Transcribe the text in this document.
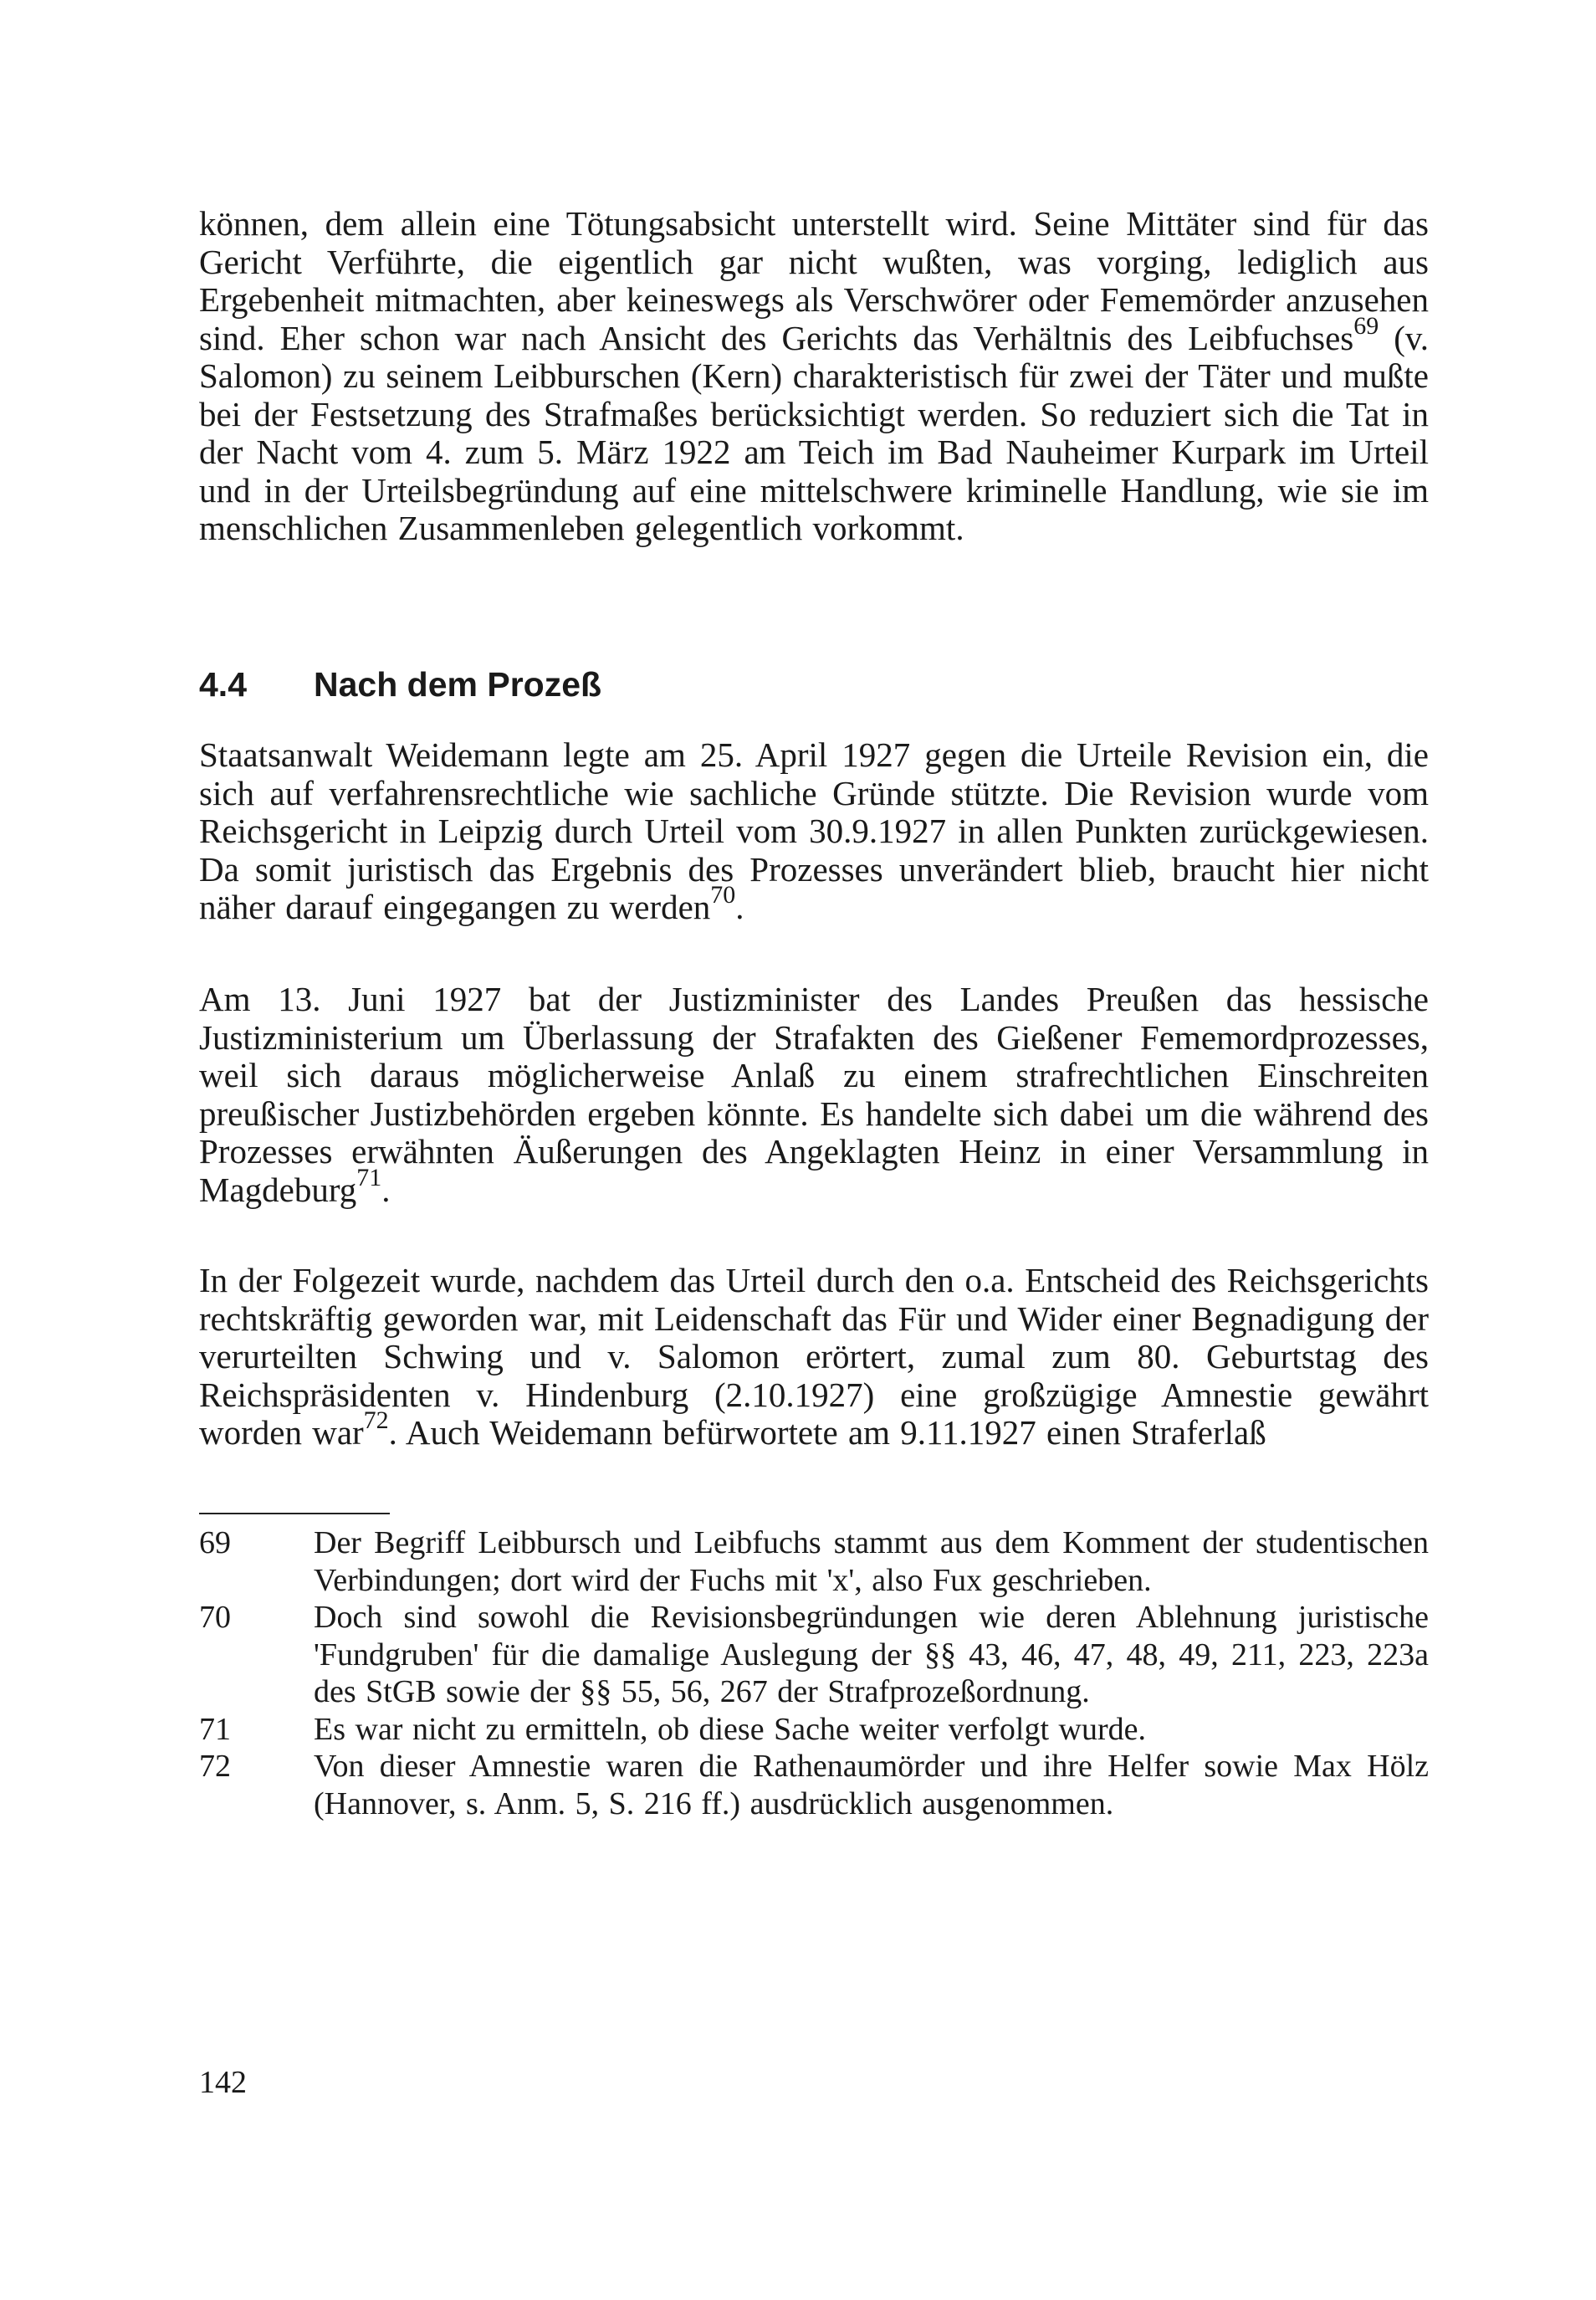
können, dem allein eine Tötungsabsicht unterstellt wird. Seine Mittäter sind für das Gericht Verführte, die eigentlich gar nicht wußten, was vorging, lediglich aus Ergebenheit mitmachten, aber keineswegs als Verschwörer oder Fememörder anzusehen sind. Eher schon war nach Ansicht des Gerichts das Verhältnis des Leibfuchses$^{69}$ (v. Salomon) zu seinem Leibburschen (Kern) charakteristisch für zwei der Täter und mußte bei der Festsetzung des Strafmaßes berücksichtigt werden. So reduziert sich die Tat in der Nacht vom 4. zum 5. März 1922 am Teich im Bad Nauheimer Kurpark im Urteil und in der Urteilsbegründung auf eine mittelschwere kriminelle Handlung, wie sie im menschlichen Zusammenleben gelegentlich vorkommt.

4.4 Nach dem Prozeß

Staatsanwalt Weidemann legte am 25. April 1927 gegen die Urteile Revision ein, die sich auf verfahrensrechtliche wie sachliche Gründe stützte. Die Revision wurde vom Reichsgericht in Leipzig durch Urteil vom 30.9.1927 in allen Punkten zurückgewiesen. Da somit juristisch das Ergebnis des Prozesses unverändert blieb, braucht hier nicht näher darauf eingegangen zu werden$^{70}$.

Am 13. Juni 1927 bat der Justizminister des Landes Preußen das hessische Justizministerium um Überlassung der Strafakten des Gießener Fememordprozesses, weil sich daraus möglicherweise Anlaß zu einem strafrechtlichen Einschreiten preußischer Justizbehörden ergeben könnte. Es handelte sich dabei um die während des Prozesses erwähnten Äußerungen des Angeklagten Heinz in einer Versammlung in Magdeburg$^{71}$.

In der Folgezeit wurde, nachdem das Urteil durch den o.a. Entscheid des Reichsgerichts rechtskräftig geworden war, mit Leidenschaft das Für und Wider einer Begnadigung der verurteilten Schwing und v. Salomon erörtert, zumal zum 80. Geburtstag des Reichspräsidenten v. Hindenburg (2.10.1927) eine großzügige Amnestie gewährt worden war$^{72}$. Auch Weidemann befürwortete am 9.11.1927 einen Straferlaß

69	Der Begriff Leibbursch und Leibfuchs stammt aus dem Komment der studentischen Verbindungen; dort wird der Fuchs mit 'x', also Fux geschrieben.
70	Doch sind sowohl die Revisionsbegründungen wie deren Ablehnung juristische 'Fundgruben' für die damalige Auslegung der §§ 43, 46, 47, 48, 49, 211, 223, 223a des StGB sowie der §§ 55, 56, 267 der Strafprozeßordnung.
71	Es war nicht zu ermitteln, ob diese Sache weiter verfolgt wurde.
72	Von dieser Amnestie waren die Rathenaumörder und ihre Helfer sowie Max Hölz (Hannover, s. Anm. 5, S. 216 ff.) ausdrücklich ausgenommen.
142
